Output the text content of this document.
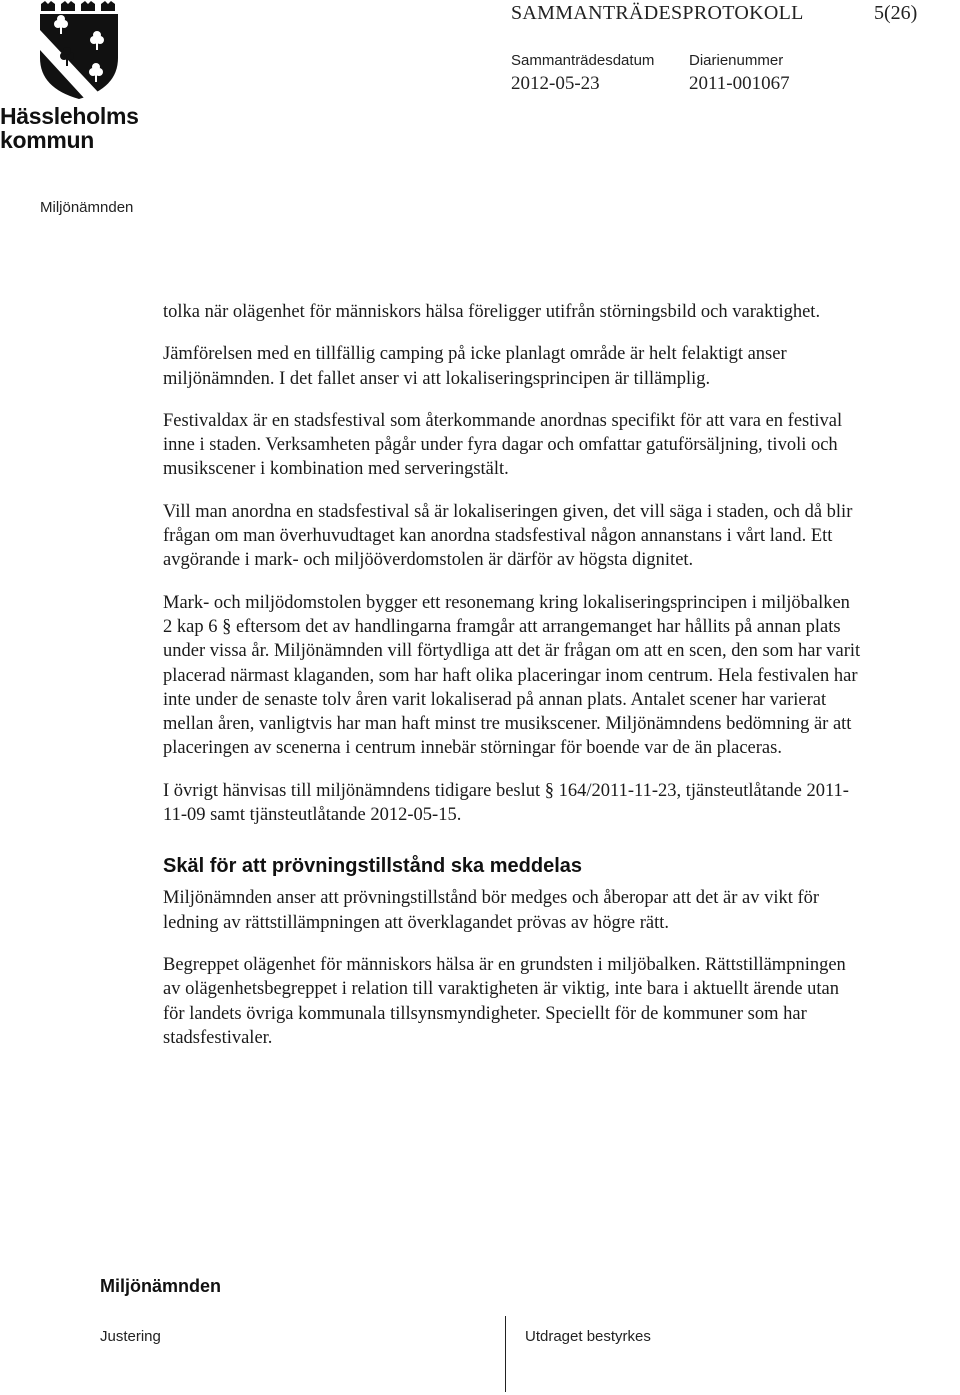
Hässleholms
kommun
SAMMANTRÄDESPROTOKOLL	5(26)
Sammanträdesdatum
2012-05-23
Diarienummer
2011-001067
Miljönämnden

tolka när olägenhet för människors hälsa föreligger utifrån störningsbild och varaktighet.

Jämförelsen med en tillfällig camping på icke planlagt område är helt felaktigt anser miljönämnden. I det fallet anser vi att lokaliseringsprincipen är tillämplig.

Festivaldax är en stadsfestival som återkommande anordnas specifikt för att vara en festival inne i staden. Verksamheten pågår under fyra dagar och omfattar gatuförsäljning, tivoli och musikscener i kombination med serveringstält.

Vill man anordna en stadsfestival så är lokaliseringen given, det vill säga i staden, och då blir frågan om man överhuvudtaget kan anordna stadsfestival någon annanstans i vårt land. Ett avgörande i mark- och miljööverdomstolen är därför av högsta dignitet.

Mark- och miljödomstolen bygger ett resonemang kring lokaliseringsprincipen i miljöbalken 2 kap 6 § eftersom det av handlingarna framgår att arrangemanget har hållits på annan plats under vissa år. Miljönämnden vill förtydliga att det är frågan om att en scen, den som har varit placerad närmast klaganden, som har haft olika placeringar inom centrum. Hela festivalen har inte under de senaste tolv åren varit lokaliserad på annan plats. Antalet scener har varierat mellan åren, vanligtvis har man haft minst tre musikscener. Miljönämndens bedömning är att placeringen av scenerna i centrum innebär störningar för boende var de än placeras.

I övrigt hänvisas till miljönämndens tidigare beslut § 164/2011-11-23, tjänsteutlåtande 2011-11-09 samt tjänsteutlåtande 2012-05-15.

Skäl för att prövningstillstånd ska meddelas

Miljönämnden anser att prövningstillstånd bör medges och åberopar att det är av vikt för ledning av rättstillämpningen att överklagandet prövas av högre rätt.

Begreppet olägenhet för människors hälsa är en grundsten i miljöbalken. Rättstillämpningen av olägenhetsbegreppet i relation till varaktigheten är viktig, inte bara i aktuellt ärende utan för landets övriga kommunala tillsynsmyndigheter. Speciellt för de kommuner som har stadsfestivaler.

Miljönämnden
Justering	Utdraget bestyrkes
